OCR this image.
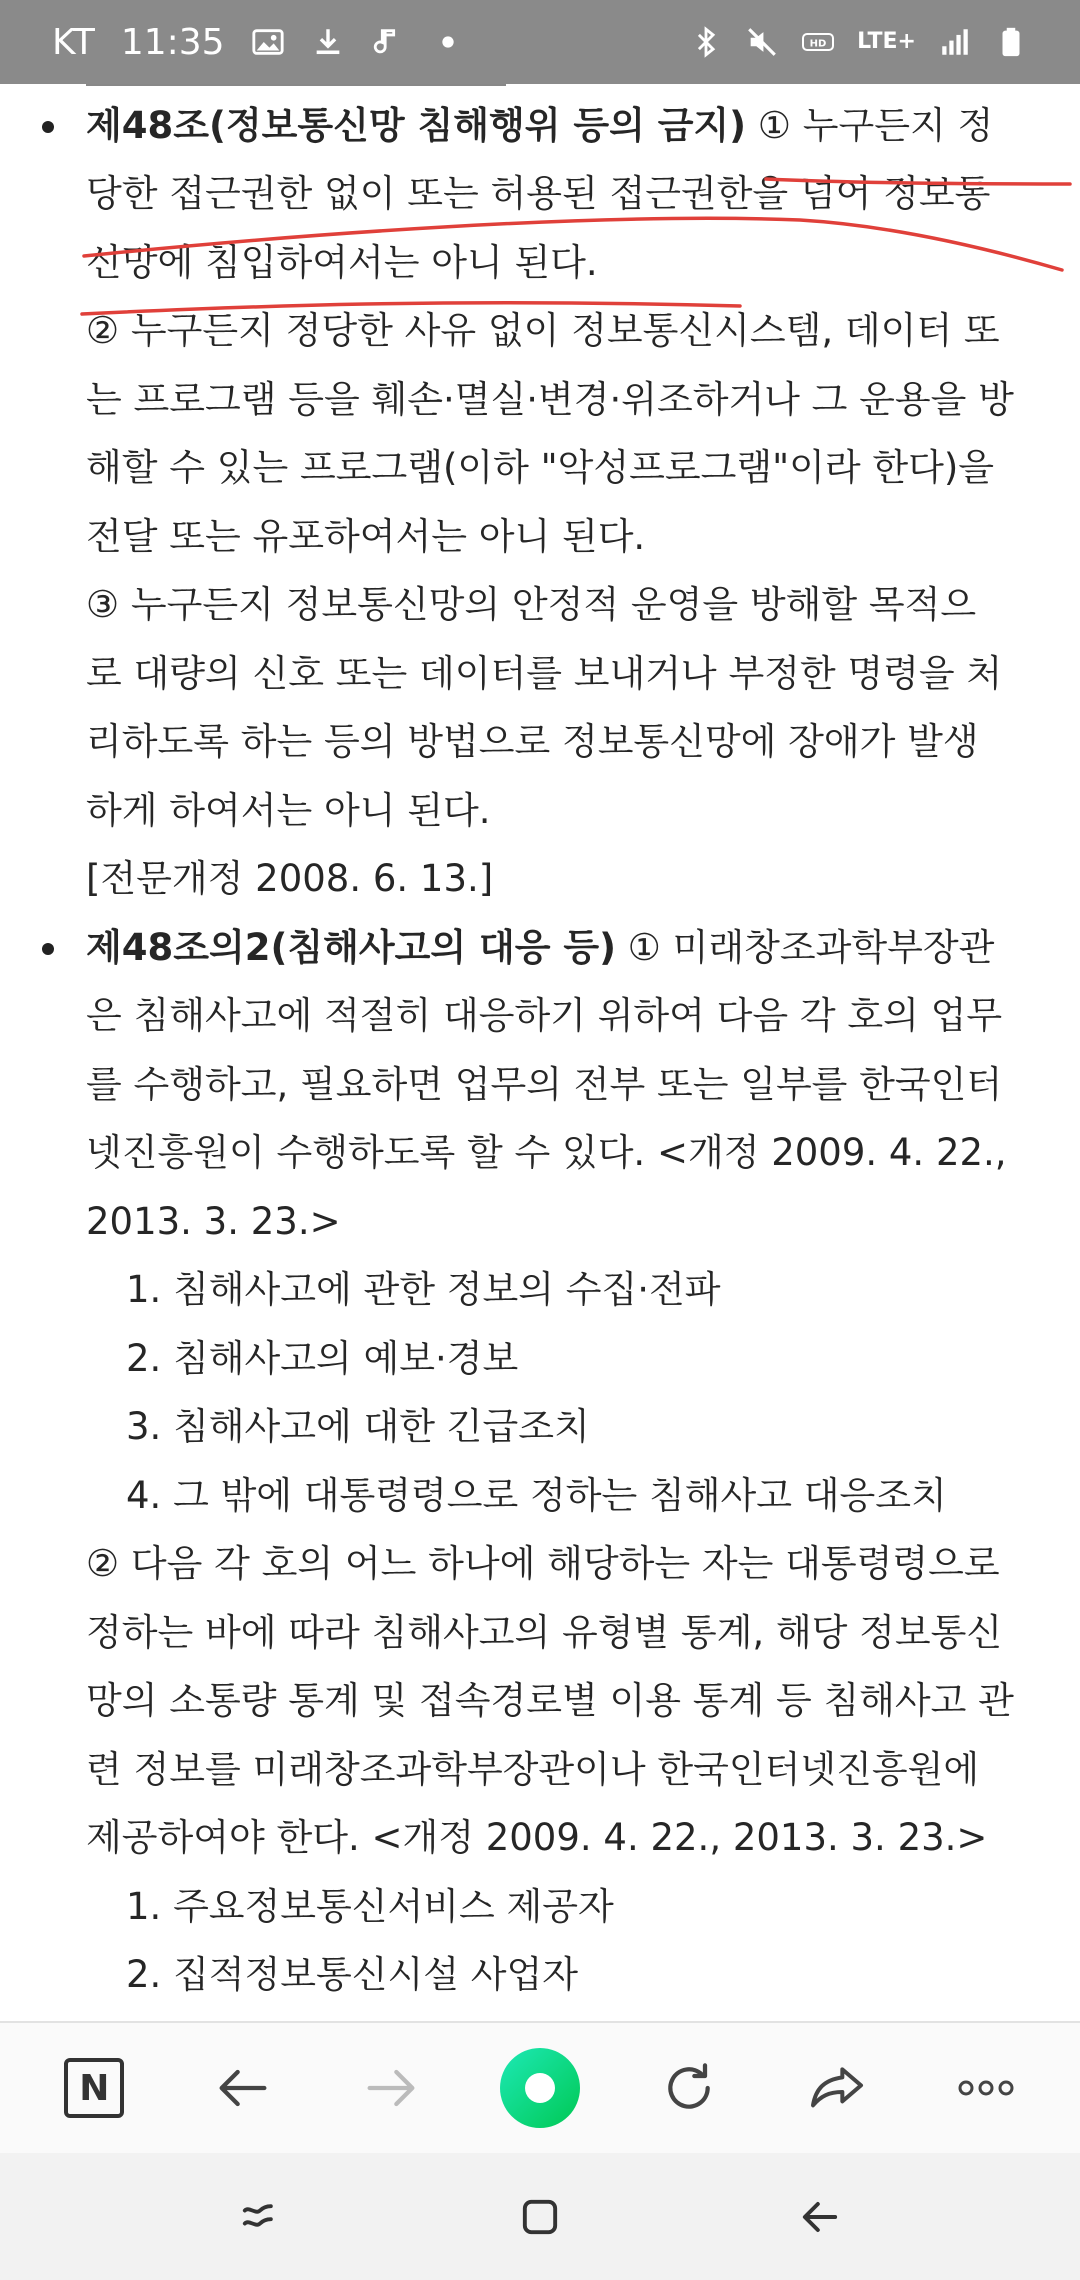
KT 11:35	HD LTE+
제48조(정보통신망 침해행위 등의 금지) ① 누구든지 정
당한 접근권한 없이 또는 허용된 접근권한을 넘어 정보통
신망에 침입하여서는 아니 된다.
② 누구든지 정당한 사유 없이 정보통신시스템, 데이터 또
는 프로그램 등을 훼손·멸실·변경·위조하거나 그 운용을 방
해할 수 있는 프로그램(이하 "악성프로그램"이라 한다)을
전달 또는 유포하여서는 아니 된다.
③ 누구든지 정보통신망의 안정적 운영을 방해할 목적으
로 대량의 신호 또는 데이터를 보내거나 부정한 명령을 처
리하도록 하는 등의 방법으로 정보통신망에 장애가 발생
하게 하여서는 아니 된다.
[전문개정 2008. 6. 13.]
제48조의2(침해사고의 대응 등) ① 미래창조과학부장관
은 침해사고에 적절히 대응하기 위하여 다음 각 호의 업무
를 수행하고, 필요하면 업무의 전부 또는 일부를 한국인터
넷진흥원이 수행하도록 할 수 있다. <개정 2009. 4. 22.,
2013. 3. 23.>
1. 침해사고에 관한 정보의 수집·전파
2. 침해사고의 예보·경보
3. 침해사고에 대한 긴급조치
4. 그 밖에 대통령령으로 정하는 침해사고 대응조치
② 다음 각 호의 어느 하나에 해당하는 자는 대통령령으로
정하는 바에 따라 침해사고의 유형별 통계, 해당 정보통신
망의 소통량 통계 및 접속경로별 이용 통계 등 침해사고 관
련 정보를 미래창조과학부장관이나 한국인터넷진흥원에
제공하여야 한다. <개정 2009. 4. 22., 2013. 3. 23.>
1. 주요정보통신서비스 제공자
2. 집적정보통신시설 사업자
N
